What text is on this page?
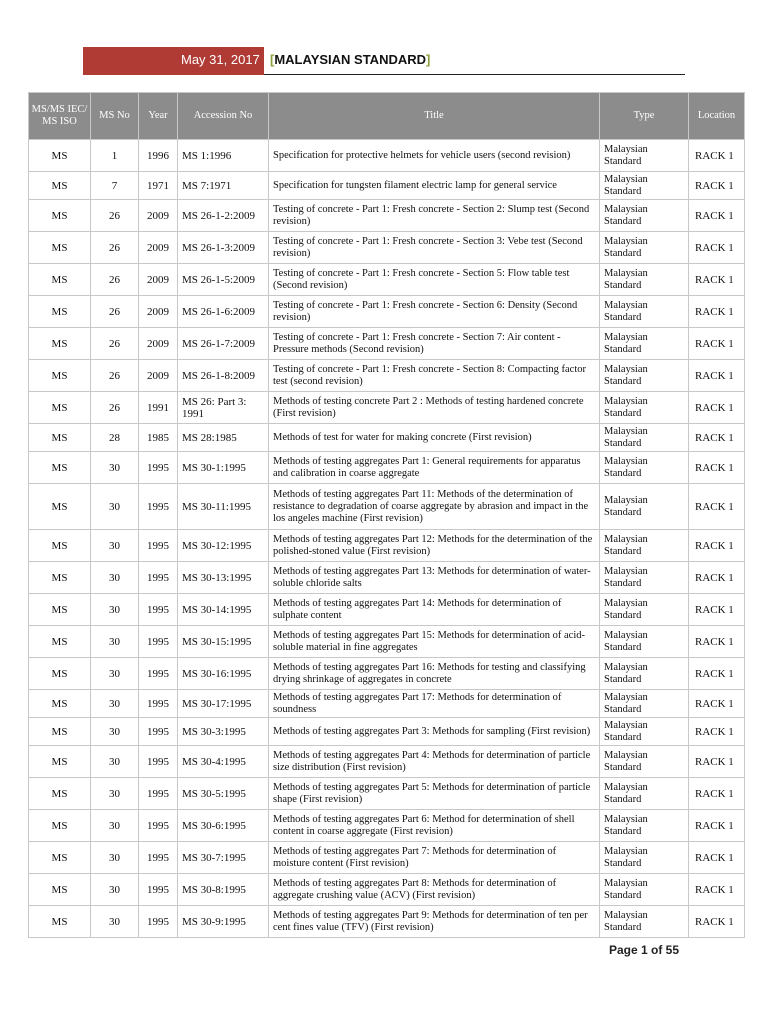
May 31, 2017 [MALAYSIAN STANDARD]
MS/MS IEC/ MS ISO	MS No	Year	Accession No	Title	Type	Location
MS	1	1996	MS 1:1996	Specification for protective helmets for vehicle users (second revision)	Malaysian Standard	RACK 1
MS	7	1971	MS 7:1971	Specification for tungsten filament electric lamp for general service	Malaysian Standard	RACK 1
MS	26	2009	MS 26-1-2:2009	Testing of concrete - Part 1: Fresh concrete - Section 2: Slump test (Second revision)	Malaysian Standard	RACK 1
MS	26	2009	MS 26-1-3:2009	Testing of concrete - Part 1: Fresh concrete - Section 3: Vebe test (Second revision)	Malaysian Standard	RACK 1
MS	26	2009	MS 26-1-5:2009	Testing of concrete - Part 1: Fresh concrete - Section 5: Flow table test (Second revision)	Malaysian Standard	RACK 1
MS	26	2009	MS 26-1-6:2009	Testing of concrete - Part 1: Fresh concrete - Section 6: Density (Second revision)	Malaysian Standard	RACK 1
MS	26	2009	MS 26-1-7:2009	Testing of concrete - Part 1: Fresh concrete - Section 7: Air content - Pressure methods (Second revision)	Malaysian Standard	RACK 1
MS	26	2009	MS 26-1-8:2009	Testing of concrete - Part 1: Fresh concrete - Section 8: Compacting factor test (second revision)	Malaysian Standard	RACK 1
MS	26	1991	MS 26: Part 3: 1991	Methods of testing concrete Part 2 : Methods of testing hardened concrete (First revision)	Malaysian Standard	RACK 1
MS	28	1985	MS 28:1985	Methods of test for water for making concrete (First revision)	Malaysian Standard	RACK 1
MS	30	1995	MS 30-1:1995	Methods of testing aggregates Part 1: General requirements for apparatus and calibration in coarse aggregate	Malaysian Standard	RACK 1
MS	30	1995	MS 30-11:1995	Methods of testing aggregates Part 11: Methods of the determination of resistance to degradation of coarse aggregate by abrasion and impact in the los angeles machine (First revision)	Malaysian Standard	RACK 1
MS	30	1995	MS 30-12:1995	Methods of testing aggregates Part 12: Methods for the determination of the polished-stoned value (First revision)	Malaysian Standard	RACK 1
MS	30	1995	MS 30-13:1995	Methods of testing aggregates Part 13: Methods for determination of water-soluble chloride salts	Malaysian Standard	RACK 1
MS	30	1995	MS 30-14:1995	Methods of testing aggregates Part 14: Methods for determination of sulphate content	Malaysian Standard	RACK 1
MS	30	1995	MS 30-15:1995	Methods of testing aggregates Part 15: Methods for determination of acid-soluble material in fine aggregates	Malaysian Standard	RACK 1
MS	30	1995	MS 30-16:1995	Methods of testing aggregates Part 16: Methods for testing and classifying drying shrinkage of aggregates in concrete	Malaysian Standard	RACK 1
MS	30	1995	MS 30-17:1995	Methods of testing aggregates Part 17: Methods for determination of soundness	Malaysian Standard	RACK 1
MS	30	1995	MS 30-3:1995	Methods of testing aggregates Part 3: Methods for sampling (First revision)	Malaysian Standard	RACK 1
MS	30	1995	MS 30-4:1995	Methods of testing aggregates Part 4: Methods for determination of particle size distribution (First revision)	Malaysian Standard	RACK 1
MS	30	1995	MS 30-5:1995	Methods of testing aggregates Part 5: Methods for determination of particle shape (First revision)	Malaysian Standard	RACK 1
MS	30	1995	MS 30-6:1995	Methods of testing aggregates Part 6: Method for determination of shell content in coarse aggregate (First revision)	Malaysian Standard	RACK 1
MS	30	1995	MS 30-7:1995	Methods of testing aggregates Part 7: Methods for determination of moisture content (First revision)	Malaysian Standard	RACK 1
MS	30	1995	MS 30-8:1995	Methods of testing aggregates Part 8: Methods for determination of aggregate crushing value (ACV) (First revision)	Malaysian Standard	RACK 1
MS	30	1995	MS 30-9:1995	Methods of testing aggregates Part 9: Methods for determination of ten per cent fines value (TFV) (First revision)	Malaysian Standard	RACK 1
Page 1 of 55
